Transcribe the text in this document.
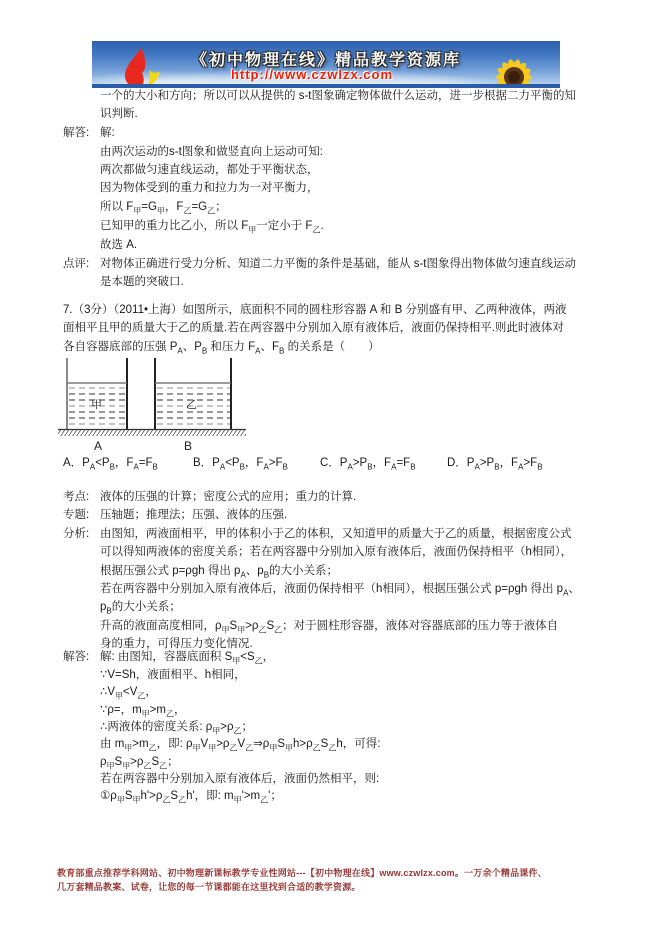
《初中物理在线》精品教学资源库
http://www.czwlzx.com
一个的大小和方向；所以可以从提供的 s-t图象确定物体做什么运动，进一步根据二力平衡的知
识判断.
解答: 解:
由两次运动的s-t图象和做竖直向上运动可知:
两次都做匀速直线运动，都处于平衡状态，
因为物体受到的重力和拉力为一对平衡力，
所以 $F_甲=G_甲$，$F_乙=G_乙$；
已知甲的重力比乙小，所以 $F_甲$一定小于 $F_乙$.
故选 A.
点评: 对物体正确进行受力分析、知道二力平衡的条件是基础，能从 s-t图象得出物体做匀速直线运动
是本题的突破口.
7.（3分）（2011•上海）如图所示，底面积不同的圆柱形容器 A 和 B 分别盛有甲、乙两种液体，两液
面相平且甲的质量大于乙的质量.若在两容器中分别加入原有液体后，液面仍保持相平.则此时液体对
各自容器底部的压强 $P_A$、$P_B$ 和压力 $F_A$、$F_B$ 的关系是（　　）
甲	乙
A	B
A．$P_A<P_B$，$F_A=F_B$	B．$P_A<P_B$，$F_A>F_B$	C．$P_A>P_B$，$F_A=F_B$	D．$P_A>P_B$，$F_A>F_B$
考点: 液体的压强的计算；密度公式的应用；重力的计算.
专题: 压轴题；推理法；压强、液体的压强.
分析: 由图知，两液面相平，甲的体积小于乙的体积，又知道甲的质量大于乙的质量，根据密度公式
可以得知两液体的密度关系；若在两容器中分别加入原有液体后，液面仍保持相平（h相同），
根据压强公式 p=ρgh 得出 $p_A$、$p_B$的大小关系；
若在两容器中分别加入原有液体后，液面仍保持相平（h相同），根据压强公式 p=ρgh 得出 $p_A$、
$p_B$的大小关系；
升高的液面高度相同，$\rho_甲S_甲>\rho_乙S_乙$；对于圆柱形容器，液体对容器底部的压力等于液体自
身的重力，可得压力变化情况.
解答: 解: 由图知，容器底面积 $S_甲<S_乙$，
∵V=Sh，液面相平、h相同，
$\therefore V_甲<V_乙$，
∵ρ=，$m_甲>m_乙$，
∴两液体的密度关系: $\rho_甲>\rho_乙$；
由 $m_甲>m_乙$，即: $\rho_甲V_甲>\rho_乙V_乙\Rightarrow\rho_甲S_甲h>\rho_乙S_乙h$，可得:
$\rho_甲S_甲>\rho_乙S_乙$；
若在两容器中分别加入原有液体后，液面仍然相平，则:
$①\rho_甲S_甲h'>\rho_乙S_乙h'$，即: $m_甲'>m_乙'$；
教育部重点推荐学科网站、初中物理新课标教学专业性网站---【初中物理在线】www.czwlzx.com。一万余个精品课件、
几万套精品教案、试卷，让您的每一节课都能在这里找到合适的教学资源。
